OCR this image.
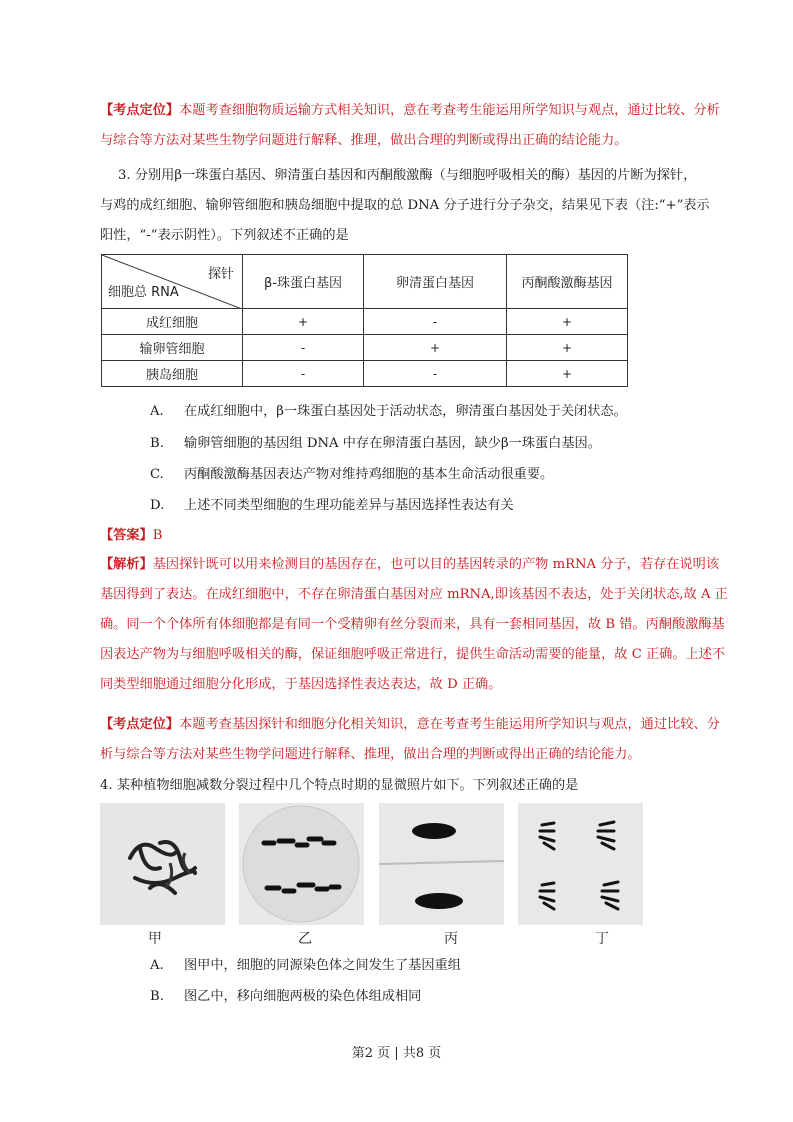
【考点定位】本题考查细胞物质运输方式相关知识，意在考查考生能运用所学知识与观点，通过比较、分析与综合等方法对某些生物学问题进行解释、推理，做出合理的判断或得出正确的结论能力。
3. 分别用β一珠蛋白基因、卵清蛋白基因和丙酮酸激酶（与细胞呼吸相关的酶）基因的片断为探针，
与鸡的成红细胞、输卵管细胞和胰岛细胞中提取的总 DNA 分子进行分子杂交，结果见下表（注:“+”表示
阳性，“-”表示阴性）。下列叙述不正确的是
探针
细胞总 RNA	β-珠蛋白基因	卵清蛋白基因	丙酮酸激酶基因
成红细胞	+	-	+
输卵管细胞	-	+	+
胰岛细胞	-	-	+
A. 在成红细胞中，β一珠蛋白基因处于活动状态，卵清蛋白基因处于关闭状态。
B. 输卵管细胞的基因组 DNA 中存在卵清蛋白基因，缺少β一珠蛋白基因。
C. 丙酮酸激酶基因表达产物对维持鸡细胞的基本生命活动很重要。
D. 上述不同类型细胞的生理功能差异与基因选择性表达有关
【答案】B
【解析】基因探针既可以用来检测目的基因存在，也可以目的基因转录的产物 mRNA 分子，若存在说明该基因得到了表达。在成红细胞中，不存在卵清蛋白基因对应 mRNA,即该基因不表达，处于关闭状态,故 A 正确。同一个个体所有体细胞都是有同一个受精卵有丝分裂而来，具有一套相同基因，故 B 错。丙酮酸激酶基因表达产物为与细胞呼吸相关的酶，保证细胞呼吸正常进行，提供生命活动需要的能量，故 C 正确。上述不同类型细胞通过细胞分化形成，于基因选择性表达表达，故 D 正确。
【考点定位】本题考查基因探针和细胞分化相关知识，意在考查考生能运用所学知识与观点，通过比较、分析与综合等方法对某些生物学问题进行解释、推理，做出合理的判断或得出正确的结论能力。
4. 某种植物细胞减数分裂过程中几个特点时期的显微照片如下。下列叙述正确的是
甲	乙	丙	丁
A. 图甲中，细胞的同源染色体之间发生了基因重组
B. 图乙中，移向细胞两极的染色体组成相同
第2 页 | 共8 页
